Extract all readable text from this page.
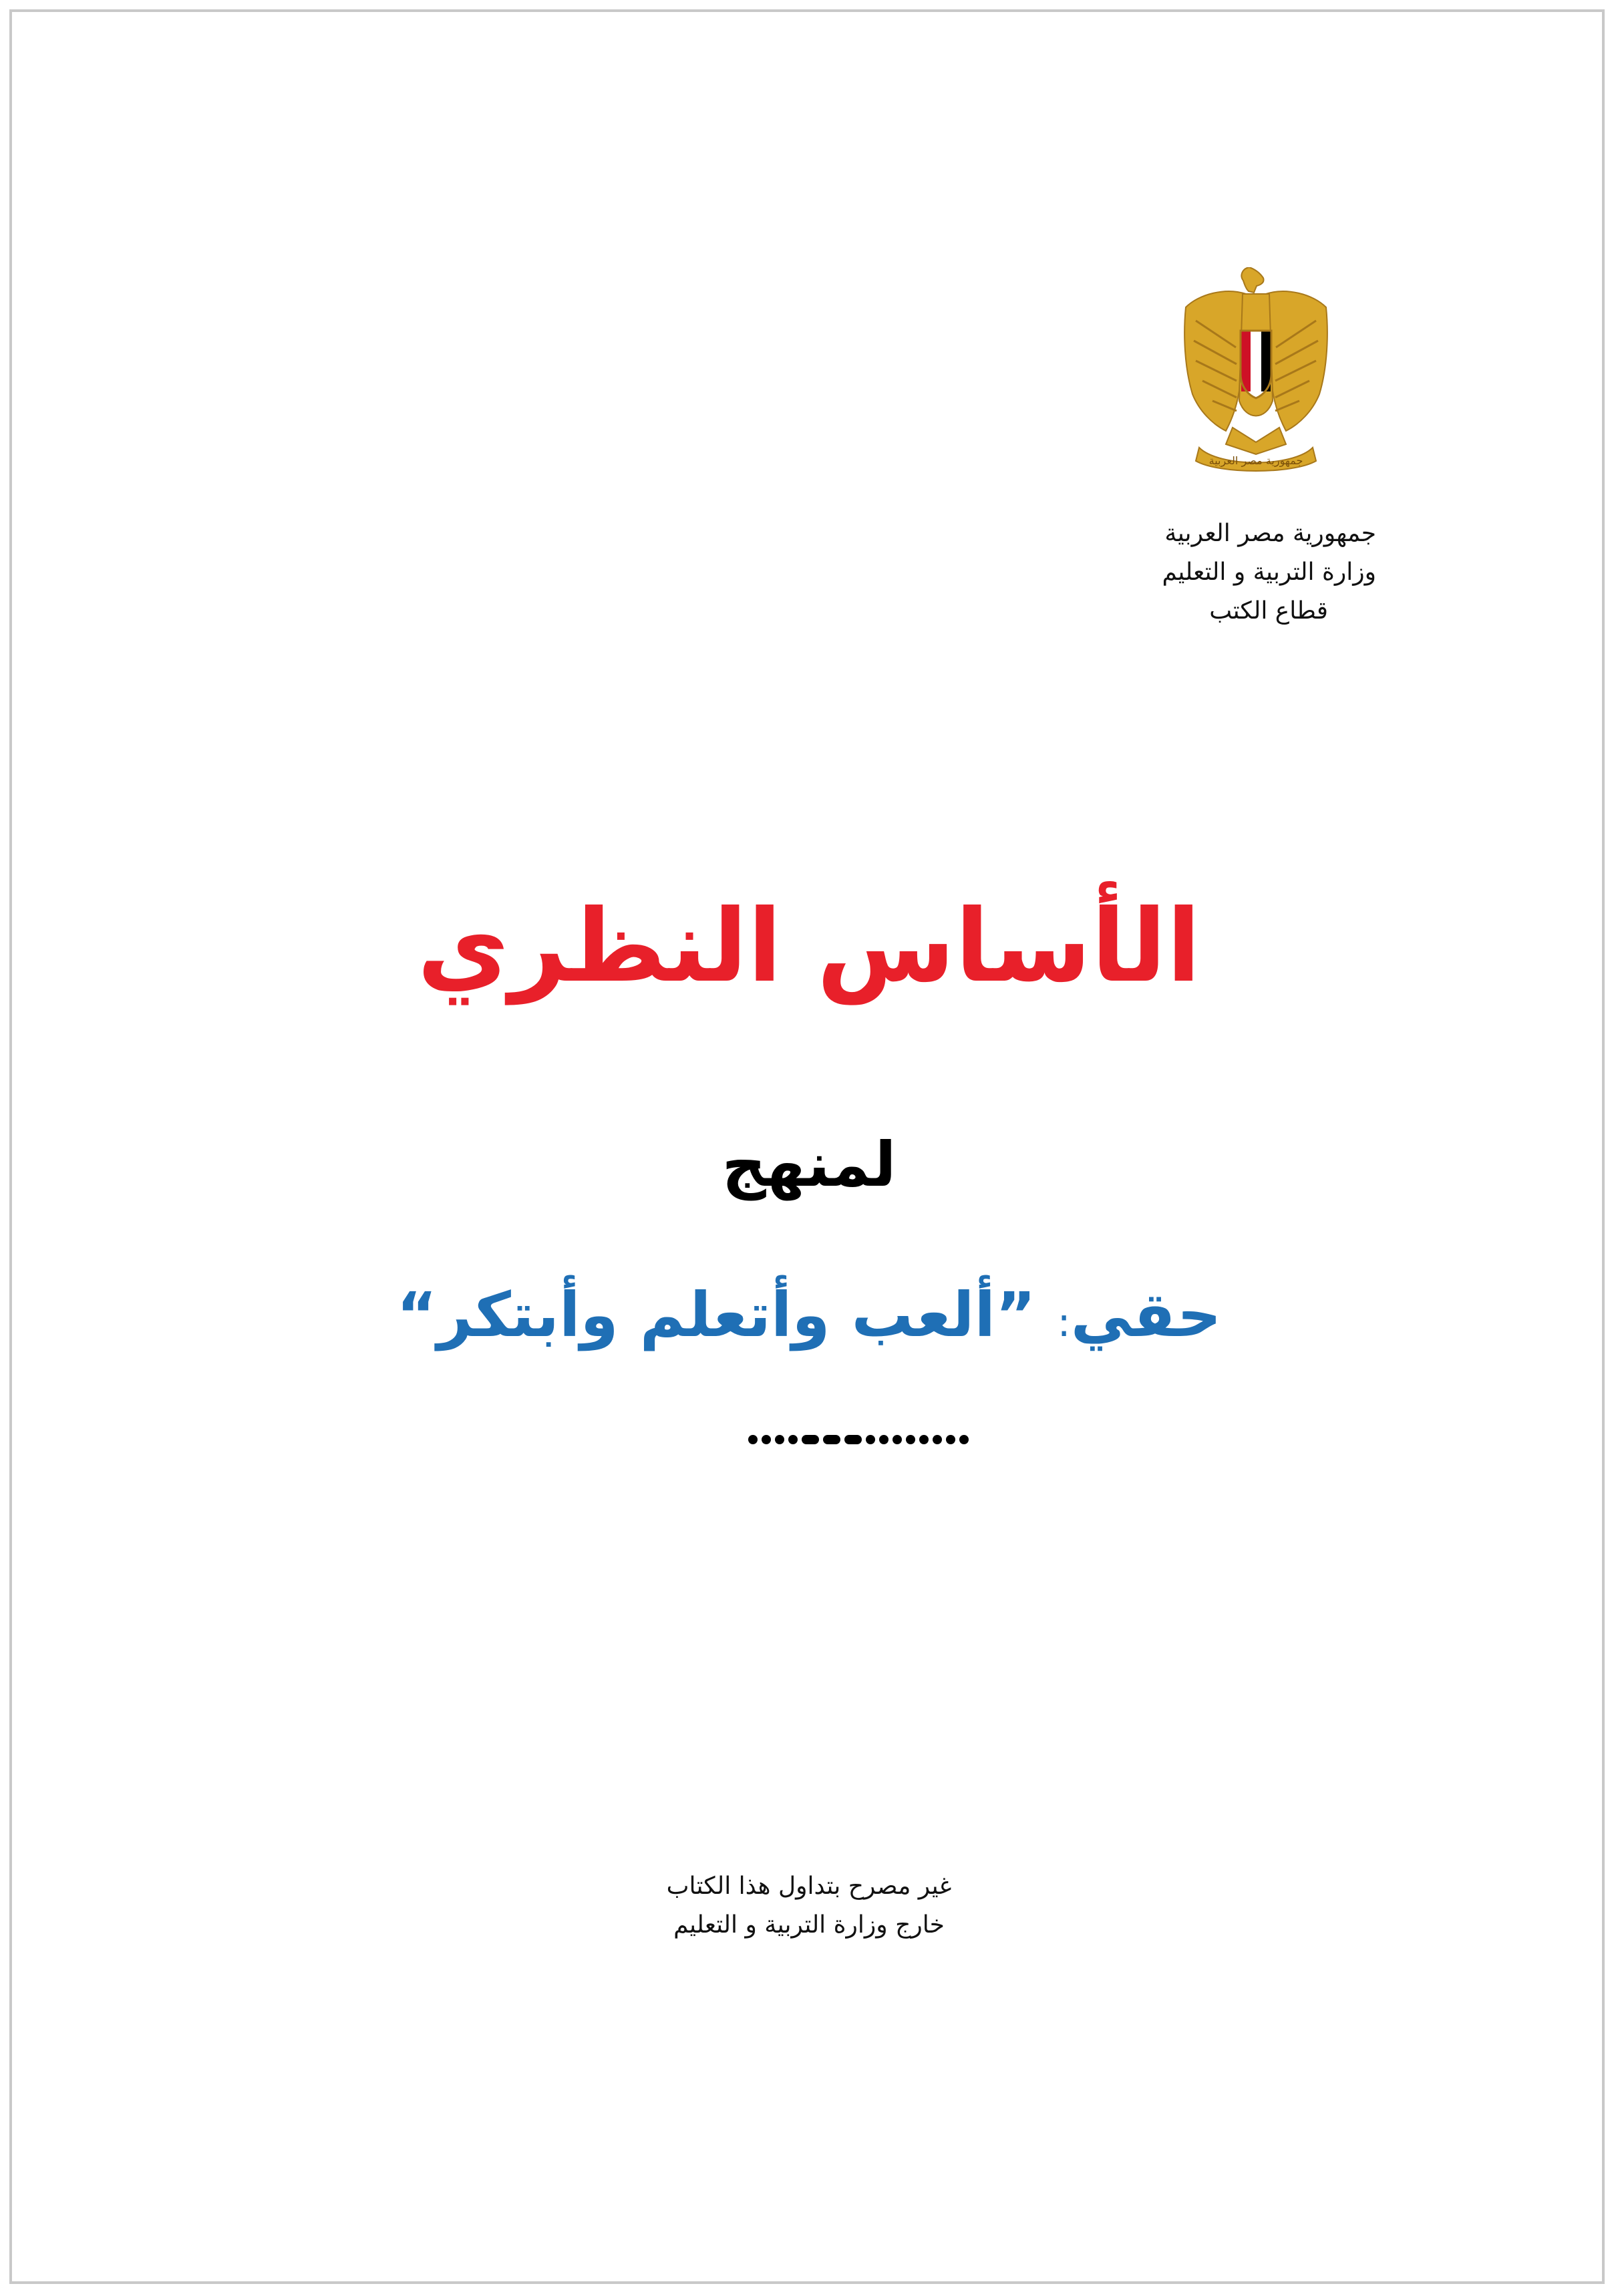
جمهورية مصر العربية
جمهورية مصر العربية
وزارة التربية و التعليم
قطاع الكتب
الأساس النظري
لمنهج
حقي: ”ألعب وأتعلم وأبتكر“
غير مصرح بتداول هذا الكتاب
خارج وزارة التربية و التعليم
